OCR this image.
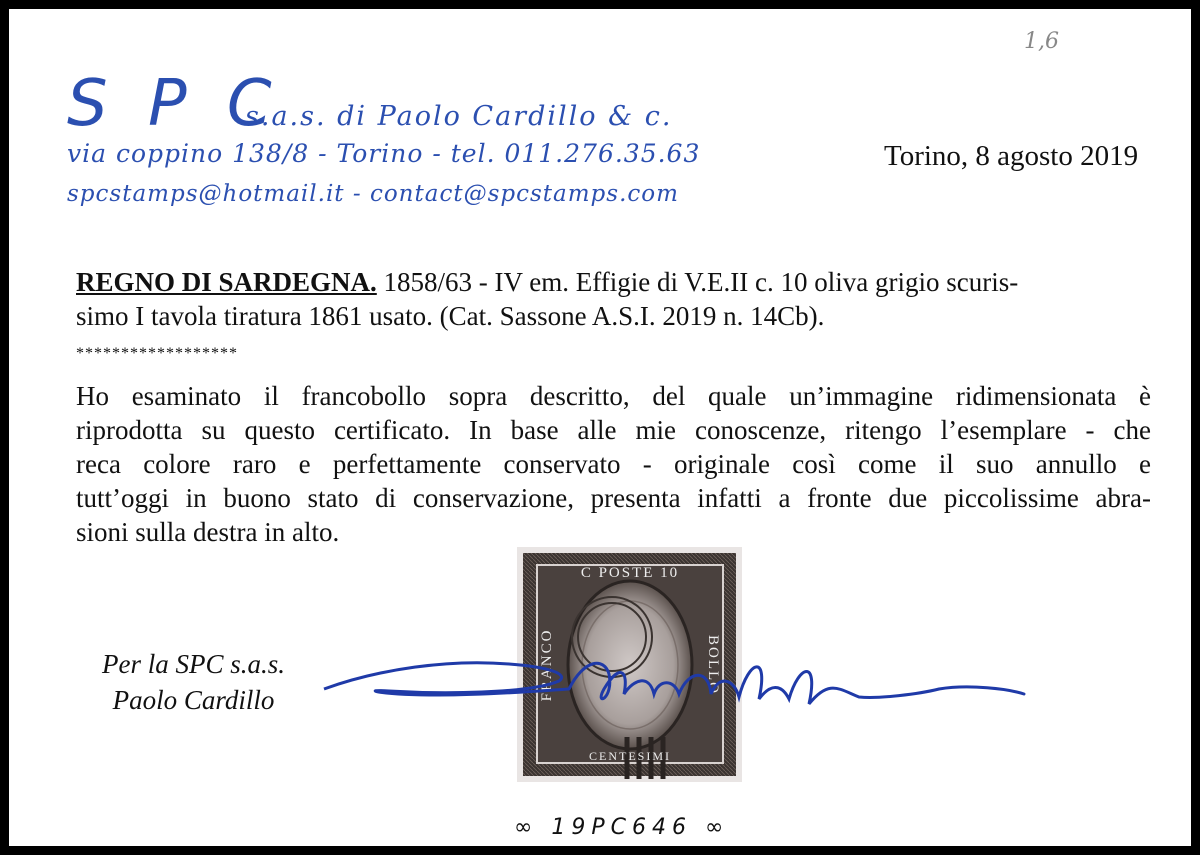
1,6
S P C
s.a.s. di Paolo Cardillo & c.
via coppino 138/8 - Torino - tel. 011.276.35.63
spcstamps@hotmail.it - contact@spcstamps.com
Torino, 8 agosto 2019
REGNO DI SARDEGNA. 1858/63 - IV em. Effigie di V.E.II c. 10 oliva grigio scuris-
simo I tavola tiratura 1861 usato. (Cat. Sassone A.S.I. 2019 n. 14Cb).
******************
Ho esaminato il francobollo sopra descritto, del quale un’immagine ridimensionata è
riprodotta su questo certificato. In base alle mie conoscenze, ritengo l’esemplare - che
reca colore raro e perfettamente conservato - originale così come il suo annullo e
tutt’oggi in buono stato di conservazione, presenta infatti a fronte due piccolissime abra-
sioni sulla destra in alto.
Per la SPC s.a.s.
Paolo Cardillo
C POSTE 10
CENTESIMI
FRANCO	BOLLO
∞ 19PC646 ∞
